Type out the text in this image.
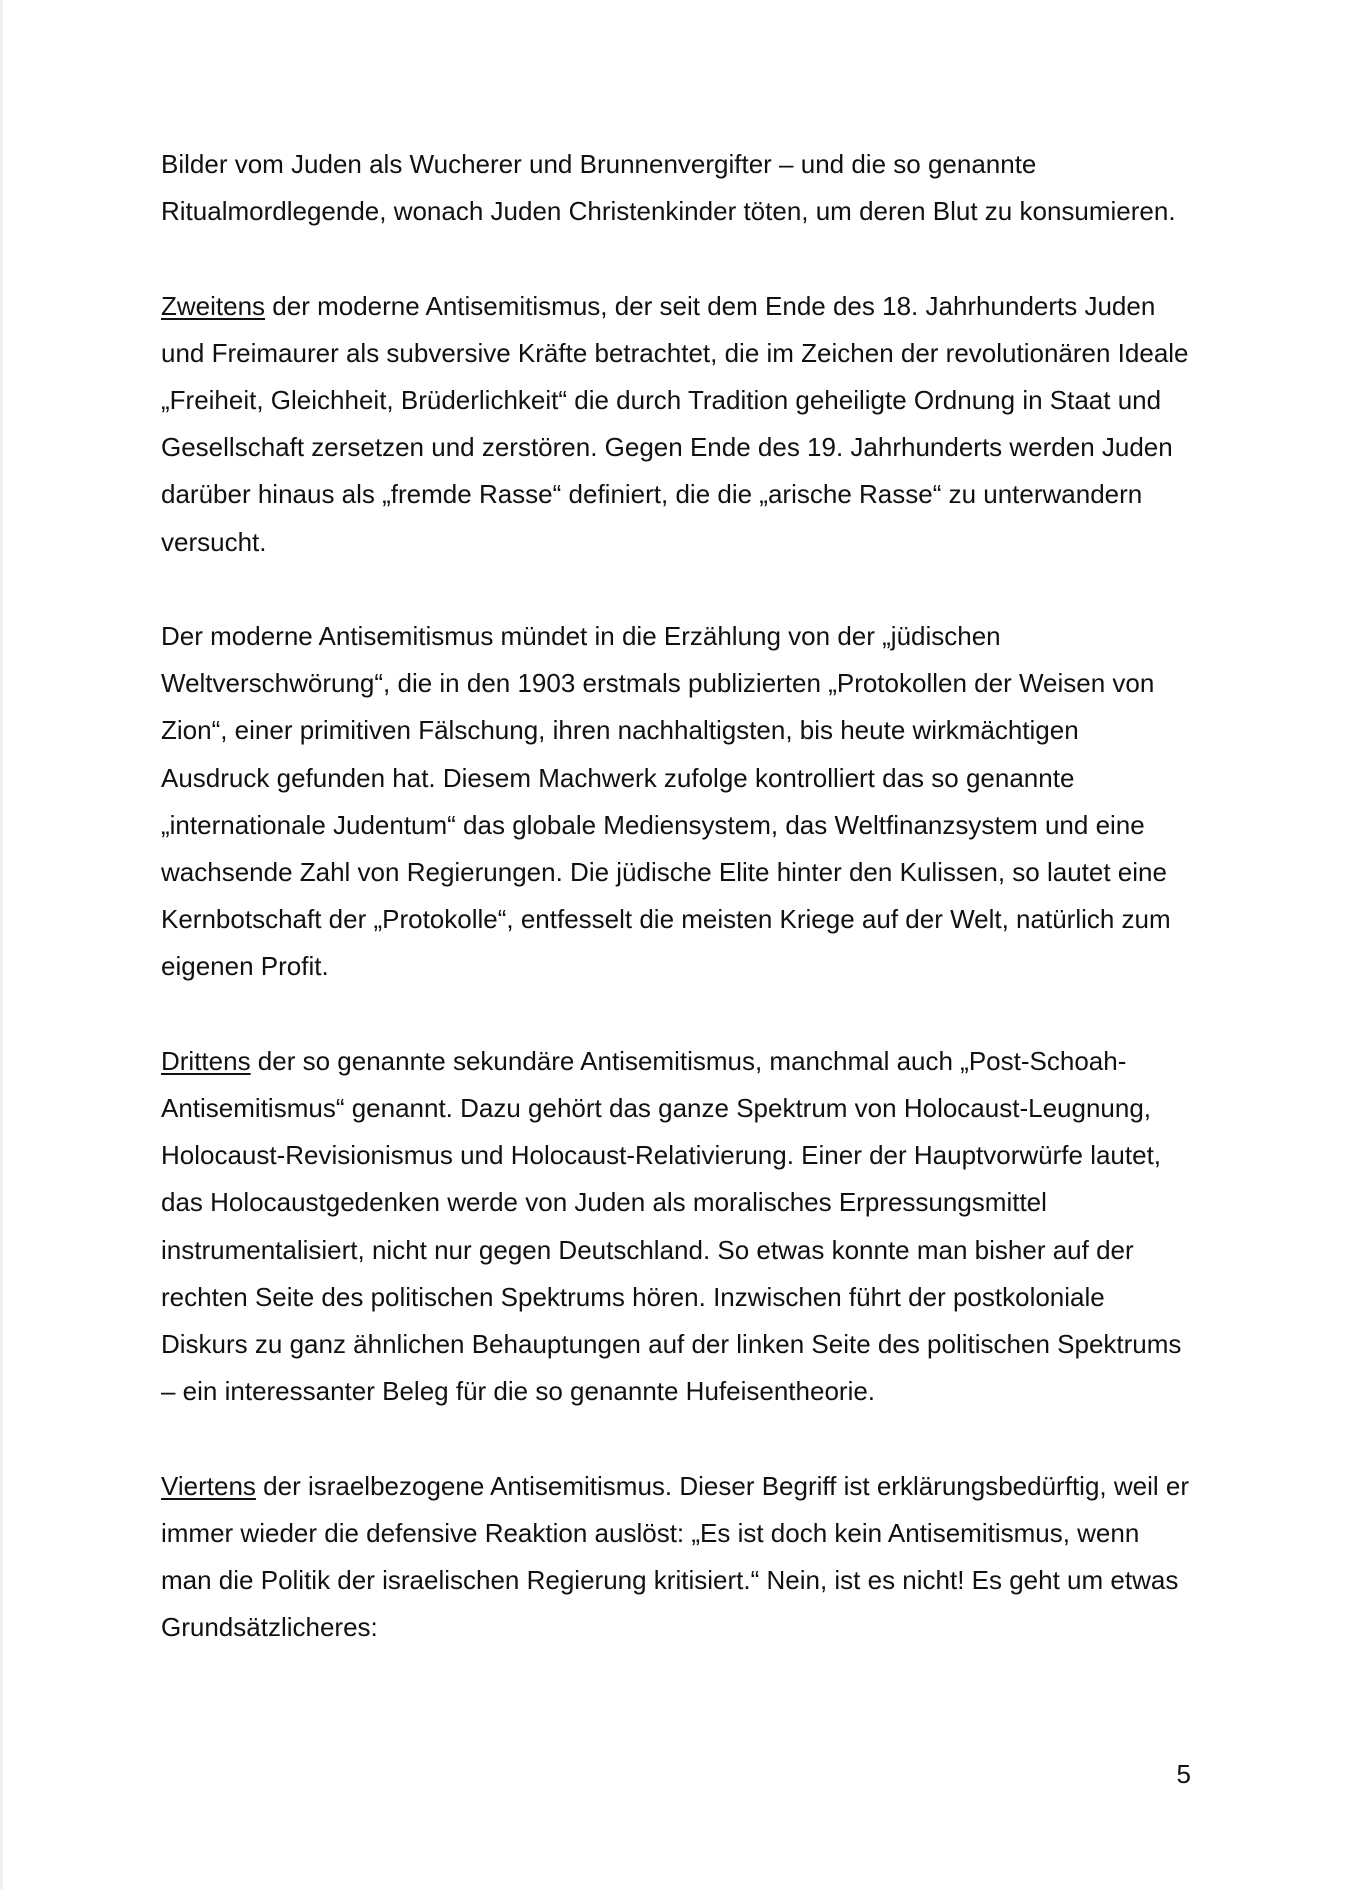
Bilder vom Juden als Wucherer und Brunnenvergifter – und die so genannte Ritualmordlegende, wonach Juden Christenkinder töten, um deren Blut zu konsumieren.

Zweitens der moderne Antisemitismus, der seit dem Ende des 18. Jahrhunderts Juden und Freimaurer als subversive Kräfte betrachtet, die im Zeichen der revolutionären Ideale „Freiheit, Gleichheit, Brüderlichkeit“ die durch Tradition geheiligte Ordnung in Staat und Gesellschaft zersetzen und zerstören. Gegen Ende des 19. Jahrhunderts werden Juden darüber hinaus als „fremde Rasse“ definiert, die die „arische Rasse“ zu unterwandern versucht.

Der moderne Antisemitismus mündet in die Erzählung von der „jüdischen Weltverschwörung“, die in den 1903 erstmals publizierten „Protokollen der Weisen von Zion“, einer primitiven Fälschung, ihren nachhaltigsten, bis heute wirkmächtigen Ausdruck gefunden hat. Diesem Machwerk zufolge kontrolliert das so genannte „internationale Judentum“ das globale Mediensystem, das Weltfinanzsystem und eine wachsende Zahl von Regierungen. Die jüdische Elite hinter den Kulissen, so lautet eine Kernbotschaft der „Protokolle“, entfesselt die meisten Kriege auf der Welt, natürlich zum eigenen Profit.

Drittens der so genannte sekundäre Antisemitismus, manchmal auch „Post-Schoah-Antisemitismus“ genannt. Dazu gehört das ganze Spektrum von Holocaust-Leugnung, Holocaust-Revisionismus und Holocaust-Relativierung. Einer der Hauptvorwürfe lautet, das Holocaustgedenken werde von Juden als moralisches Erpressungsmittel instrumentalisiert, nicht nur gegen Deutschland. So etwas konnte man bisher auf der rechten Seite des politischen Spektrums hören. Inzwischen führt der postkoloniale Diskurs zu ganz ähnlichen Behauptungen auf der linken Seite des politischen Spektrums – ein interessanter Beleg für die so genannte Hufeisentheorie.

Viertens der israelbezogene Antisemitismus. Dieser Begriff ist erklärungsbedürftig, weil er immer wieder die defensive Reaktion auslöst: „Es ist doch kein Antisemitismus, wenn man die Politik der israelischen Regierung kritisiert.“ Nein, ist es nicht! Es geht um etwas Grundsätzlicheres:

5
